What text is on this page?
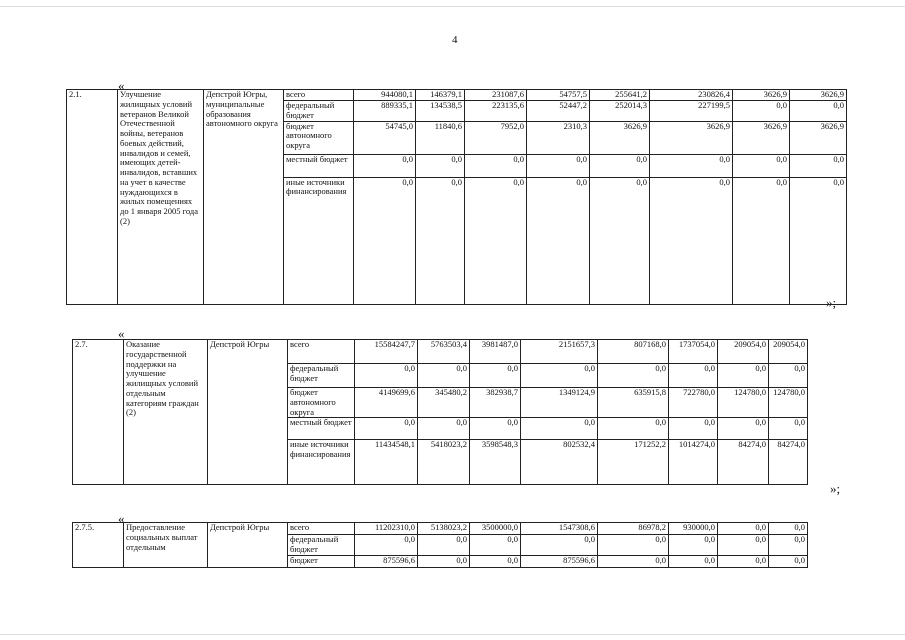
4
«
«
«
»;
»;
2.1.	Улучшение жилищных условий ветеранов Великой Отечественной войны, ветеранов боевых действий, инвалидов и семей, имеющих детей-инвалидов, вставших на учет в качестве нуждающихся в жилых помещениях до 1 января 2005 года (2)	Депстрой Югры, муниципальные образования автономного округа	всего	944080,1	146379,1	231087,6	54757,5	255641,2	230826,4	3626,9	3626,9	
			федеральный бюджет	889335,1	134538,5	223135,6	52447,2	252014,3	227199,5	0,0	0,0	
			бюджет автономного округа	54745,0	11840,6	7952,0	2310,3	3626,9	3626,9	3626,9	3626,9	
			местный бюджет	0,0	0,0	0,0	0,0	0,0	0,0	0,0	0,0	
			иные источники финансирования	0,0	0,0	0,0	0,0	0,0	0,0	0,0	0,0	
2.7.	Оказание государственной поддержки на улучшение жилищных условий отдельным категориям граждан (2)	Депстрой Югры	всего	15584247,7	5763503,4	3981487,0	2151657,3	807168,0	1737054,0	209054,0	209054,0	
			федеральный бюджет	0,0	0,0	0,0	0,0	0,0	0,0	0,0	0,0	
			бюджет автономного округа	4149699,6	345480,2	382938,7	1349124,9	635915,8	722780,0	124780,0	124780,0	
			местный бюджет	0,0	0,0	0,0	0,0	0,0	0,0	0,0	0,0	
			иные источники финансирования	11434548,1	5418023,2	3598548,3	802532,4	171252,2	1014274,0	84274,0	84274,0	
2.7.5.	Предоставление социальных выплат отдельным	Депстрой Югры	всего	11202310,0	5138023,2	3500000,0	1547308,6	86978,2	930000,0	0,0	0,0	
			федеральный бюджет	0,0	0,0	0,0	0,0	0,0	0,0	0,0	0,0	
			бюджет	875596,6	0,0	0,0	875596,6	0,0	0,0	0,0	0,0	
